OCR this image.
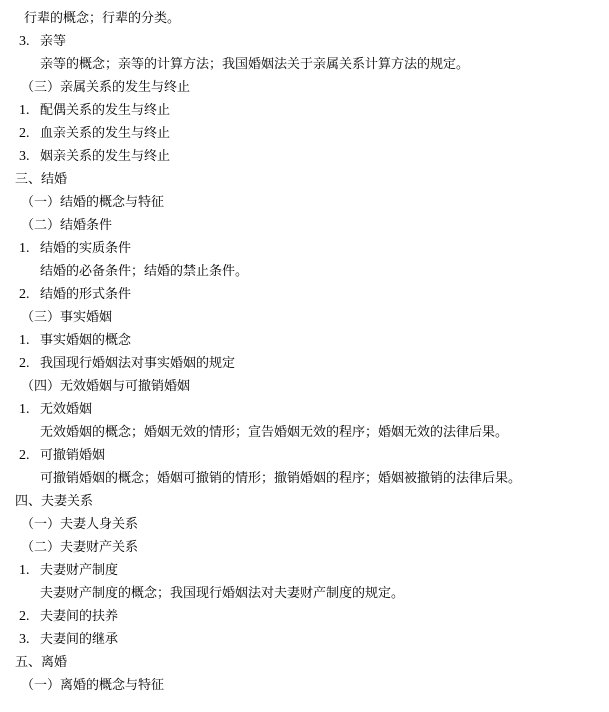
行辈的概念；行辈的分类。
3. 亲等
亲等的概念；亲等的计算方法；我国婚姻法关于亲属关系计算方法的规定。
（三）亲属关系的发生与终止
1. 配偶关系的发生与终止
2. 血亲关系的发生与终止
3. 姻亲关系的发生与终止
三、结婚
（一）结婚的概念与特征
（二）结婚条件
1. 结婚的实质条件
结婚的必备条件；结婚的禁止条件。
2. 结婚的形式条件
（三）事实婚姻
1. 事实婚姻的概念
2. 我国现行婚姻法对事实婚姻的规定
（四）无效婚姻与可撤销婚姻
1. 无效婚姻
无效婚姻的概念；婚姻无效的情形；宣告婚姻无效的程序；婚姻无效的法律后果。
2. 可撤销婚姻
可撤销婚姻的概念；婚姻可撤销的情形；撤销婚姻的程序；婚姻被撤销的法律后果。
四、夫妻关系
（一）夫妻人身关系
（二）夫妻财产关系
1. 夫妻财产制度
夫妻财产制度的概念；我国现行婚姻法对夫妻财产制度的规定。
2. 夫妻间的扶养
3. 夫妻间的继承
五、离婚
（一）离婚的概念与特征
